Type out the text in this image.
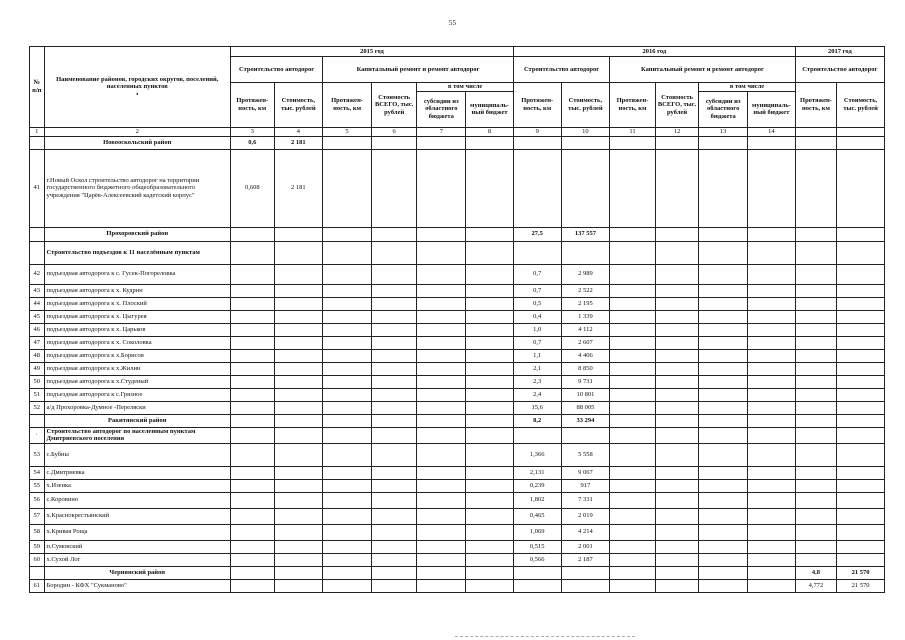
55
№ п/п	Наименование районов, городских округов, поселений, населенных пунктов
•	2015 год						2016 год						2017 год	
		Строительство автодорог		Капитальный ремонт и ремонт автодорог				Строительство автодорог		Капитальный ремонт и ремонт автодорог				Строительство автодорог	
		Протяжен-ность, км	Стоимость, тыс. рублей	Протяжен-ность, км	Стоимость ВСЕГО, тыс. рублей	в том числе		Протяжен-ность, км	Стоимость, тыс. рублей	Протяжен-ность, км	Стоимость ВСЕГО, тыс. рублей	в том числе		Протяжен-ность, км	Стоимость, тыс. рублей
						субсидии из областного бюджета	муниципаль-ный бюджет					субсидии из областного бюджета	муниципаль-ный бюджет		
1	2	3	4	5	6	7	8	9	10	11	12	13	14		
	Новооскольский район	0,6	2 181												
41	г.Новый Оскол строительство автодорог на территории государственного бюджетного общеобразовательного учреждения "Царёв-Алексеевский кадетский корпус"	0,608	2 181												
	Прохоровский район							27,5	137 557						
	Строительство подъездов к 11 населённым пунктам														
42	подъездная автодорога к с. Гусек-Погореловка							0,7	2 989						
43	подъездная автодорога к х. Кудрин							0,7	2 522						
44	подъездная автодорога к х. Плоский							0,5	2 195						
45	подъездная автодорога к х. Цыгурея							0,4	1 339						
46	подъездная автодорога к х. Царьков							1,0	4 112						
47	подъездная автодорога к х. Соколовка							0,7	2 607						
48	подъездная автодорога к х.Борисов							1,1	4 406						
49	подъездная автодорога к х.Жилин							2,1	8 850						
50	подъездная автодорога к х.Студеный							2,3	9 731						
51	подъездная автодорога к с.Грязное							2,4	10 801						
52	а/д Прохоровка-Думное -Переляски							15,6	88 005						
	Ракитянский район							8,2	33 294						
·	Строительство автодорог по населенным пунктам Дмитриевского поселения														
53	с.Бубны							1,366	5 558						
54	с.Дмитриевка							2,131	9 067						
55	х.Изенка							0,239	917						
56	с.Коровино							1,802	7 331						
57	х.Краснокрестьянский							0,465	2 019						
58	х.Кривая Роща							1,069	4 214						
59	п.Сумовский							0,515	2 001						
60	х.Сухой Лог							0,566	2 187						
	Чернянский район													4,8	21 570
61	Бородин - КФХ "Сукманово"													4,772	21 570
